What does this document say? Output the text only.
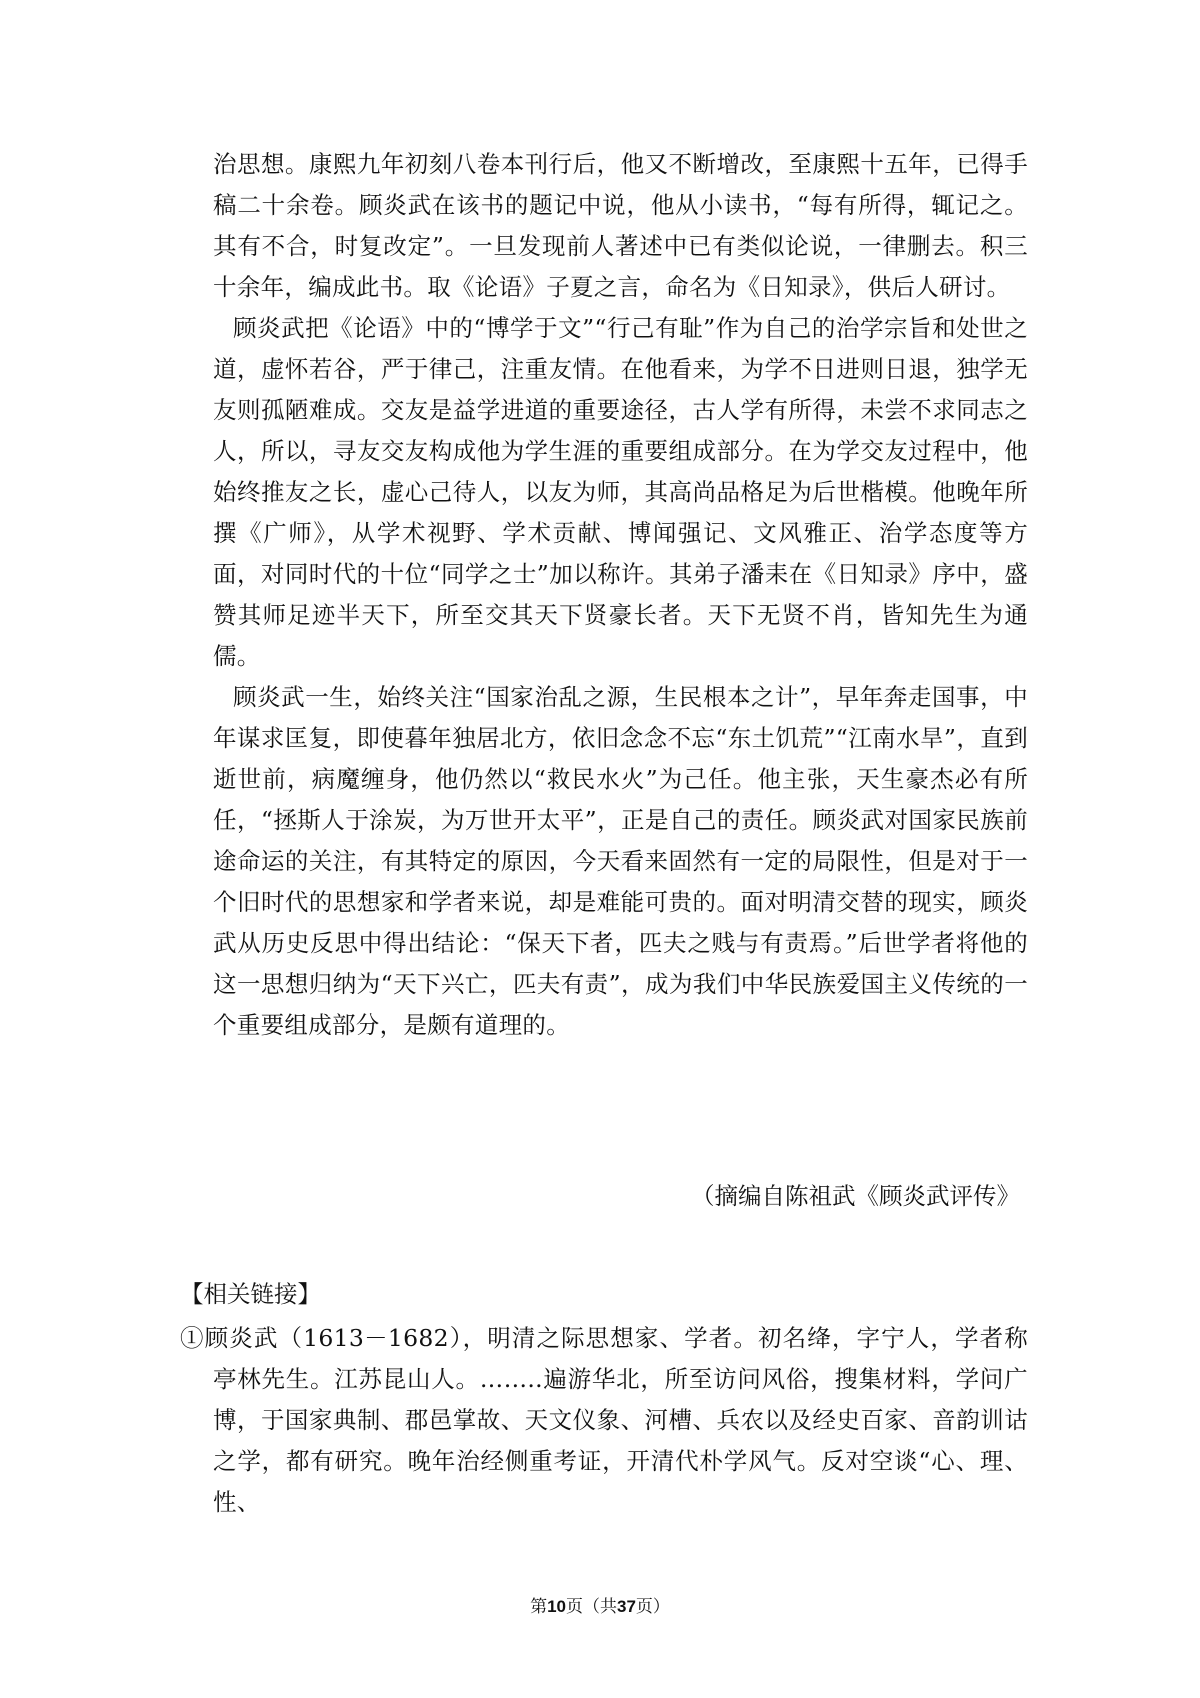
治思想。康熙九年初刻八卷本刊行后，他又不断增改，至康熙十五年，已得手稿二十余卷。顾炎武在该书的题记中说，他从小读书，“每有所得，辄记之。其有不合，时复改定”。一旦发现前人著述中已有类似论说，一律删去。积三十余年，编成此书。取《论语》子夏之言，命名为《日知录》，供后人研讨。

顾炎武把《论语》中的“博学于文”“行己有耻”作为自己的治学宗旨和处世之道，虚怀若谷，严于律己，注重友情。在他看来，为学不日进则日退，独学无友则孤陋难成。交友是益学进道的重要途径，古人学有所得，未尝不求同志之人，所以，寻友交友构成他为学生涯的重要组成部分。在为学交友过程中，他始终推友之长，虚心己待人，以友为师，其高尚品格足为后世楷模。他晚年所撰《广师》，从学术视野、学术贡献、博闻强记、文风雅正、治学态度等方面，对同时代的十位“同学之士”加以称许。其弟子潘耒在《日知录》序中，盛赞其师足迹半天下，所至交其天下贤豪长者。天下无贤不肖，皆知先生为通儒。

顾炎武一生，始终关注“国家治乱之源，生民根本之计”，早年奔走国事，中年谋求匡复，即使暮年独居北方，依旧念念不忘“东土饥荒”“江南水旱”，直到逝世前，病魔缠身，他仍然以“救民水火”为己任。他主张，天生豪杰必有所任，“拯斯人于涂炭，为万世开太平”，正是自己的责任。顾炎武对国家民族前途命运的关注，有其特定的原因，今天看来固然有一定的局限性，但是对于一个旧时代的思想家和学者来说，却是难能可贵的。面对明清交替的现实，顾炎武从历史反思中得出结论：“保天下者，匹夫之贱与有责焉。”后世学者将他的这一思想归纳为“天下兴亡，匹夫有责”，成为我们中华民族爱国主义传统的一个重要组成部分，是颇有道理的。

（摘编自陈祖武《顾炎武评传》

【相关链接】

①顾炎武（1613－1682），明清之际思想家、学者。初名绛，字宁人，学者称亭林先生。江苏昆山人。……..遍游华北，所至访问风俗，搜集材料，学问广博，于国家典制、郡邑掌故、天文仪象、河槽、兵农以及经史百家、音韵训诂之学，都有研究。晚年治经侧重考证，开清代朴学风气。反对空谈“心、理、性、

第10页（共37页）
